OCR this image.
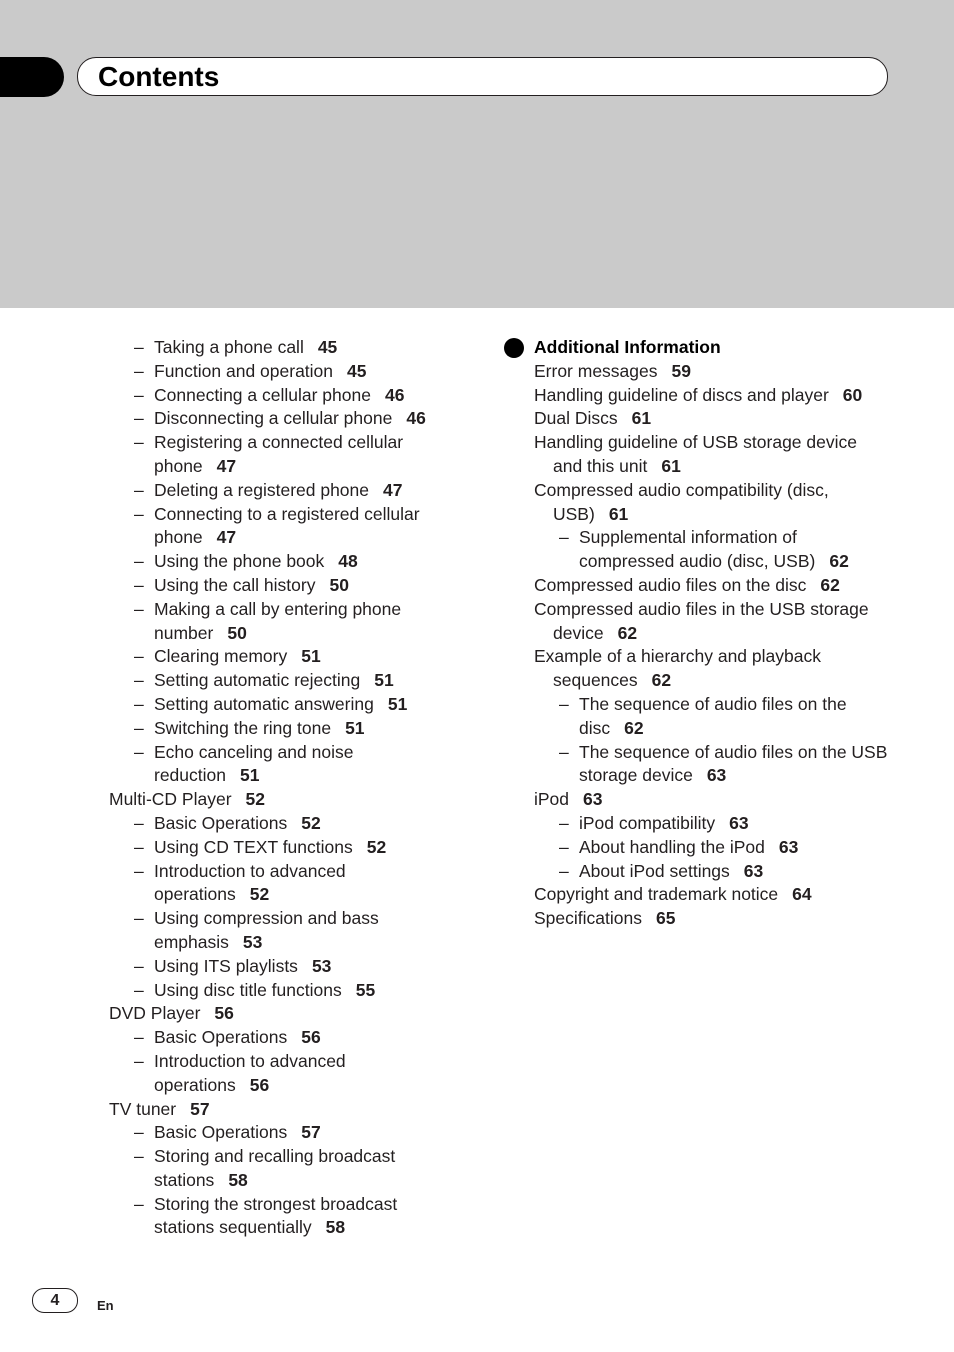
Contents
– Taking a phone call 45
– Function and operation 45
– Connecting a cellular phone 46
– Disconnecting a cellular phone 46
– Registering a connected cellular
phone 47
– Deleting a registered phone 47
– Connecting to a registered cellular
phone 47
– Using the phone book 48
– Using the call history 50
– Making a call by entering phone
number 50
– Clearing memory 51
– Setting automatic rejecting 51
– Setting automatic answering 51
– Switching the ring tone 51
– Echo canceling and noise
reduction 51
Multi-CD Player 52
– Basic Operations 52
– Using CD TEXT functions 52
– Introduction to advanced
operations 52
– Using compression and bass
emphasis 53
– Using ITS playlists 53
– Using disc title functions 55
DVD Player 56
– Basic Operations 56
– Introduction to advanced
operations 56
TV tuner 57
– Basic Operations 57
– Storing and recalling broadcast
stations 58
– Storing the strongest broadcast
stations sequentially 58
Additional Information
Error messages 59
Handling guideline of discs and player 60
Dual Discs 61
Handling guideline of USB storage device
and this unit 61
Compressed audio compatibility (disc,
USB) 61
– Supplemental information of
compressed audio (disc, USB) 62
Compressed audio files on the disc 62
Compressed audio files in the USB storage
device 62
Example of a hierarchy and playback
sequences 62
– The sequence of audio files on the
disc 62
– The sequence of audio files on the USB
storage device 63
iPod 63
– iPod compatibility 63
– About handling the iPod 63
– About iPod settings 63
Copyright and trademark notice 64
Specifications 65
4	En
